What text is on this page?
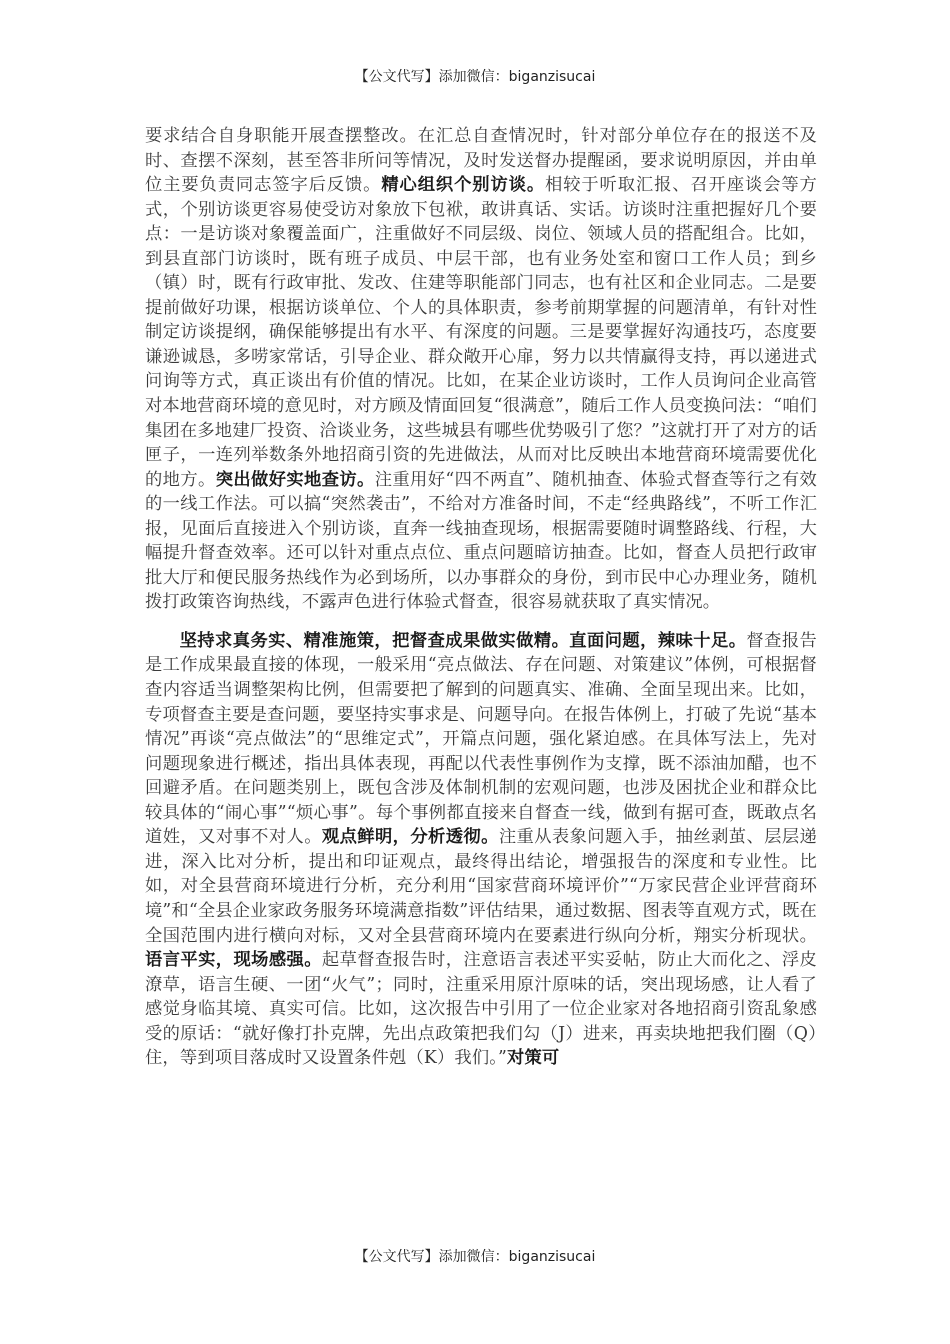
【公文代写】添加微信：biganzisucai

要求结合自身职能开展查摆整改。在汇总自查情况时，针对部分单位存在的报送不及时、查摆不深刻，甚至答非所问等情况，及时发送督办提醒函，要求说明原因，并由单位主要负责同志签字后反馈。精心组织个别访谈。相较于听取汇报、召开座谈会等方式，个别访谈更容易使受访对象放下包袱，敢讲真话、实话。访谈时注重把握好几个要点：一是访谈对象覆盖面广，注重做好不同层级、岗位、领域人员的搭配组合。比如，到县直部门访谈时，既有班子成员、中层干部，也有业务处室和窗口工作人员；到乡（镇）时，既有行政审批、发改、住建等职能部门同志，也有社区和企业同志。二是要提前做好功课，根据访谈单位、个人的具体职责，参考前期掌握的问题清单，有针对性制定访谈提纲，确保能够提出有水平、有深度的问题。三是要掌握好沟通技巧，态度要谦逊诚恳，多唠家常话，引导企业、群众敞开心扉，努力以共情赢得支持，再以递进式问询等方式，真正谈出有价值的情况。比如，在某企业访谈时，工作人员询问企业高管对本地营商环境的意见时，对方顾及情面回复“很满意”，随后工作人员变换问法：“咱们集团在多地建厂投资、洽谈业务，这些城县有哪些优势吸引了您？”这就打开了对方的话匣子，一连列举数条外地招商引资的先进做法，从而对比反映出本地营商环境需要优化的地方。突出做好实地查访。注重用好“四不两直”、随机抽查、体验式督查等行之有效的一线工作法。可以搞“突然袭击”，不给对方准备时间，不走“经典路线”，不听工作汇报，见面后直接进入个别访谈，直奔一线抽查现场，根据需要随时调整路线、行程，大幅提升督查效率。还可以针对重点点位、重点问题暗访抽查。比如，督查人员把行政审批大厅和便民服务热线作为必到场所，以办事群众的身份，到市民中心办理业务，随机拨打政策咨询热线，不露声色进行体验式督查，很容易就获取了真实情况。

坚持求真务实、精准施策，把督查成果做实做精。直面问题，辣味十足。督查报告是工作成果最直接的体现，一般采用“亮点做法、存在问题、对策建议”体例，可根据督查内容适当调整架构比例，但需要把了解到的问题真实、准确、全面呈现出来。比如，专项督查主要是查问题，要坚持实事求是、问题导向。在报告体例上，打破了先说“基本情况”再谈“亮点做法”的“思维定式”，开篇点问题，强化紧迫感。在具体写法上，先对问题现象进行概述，指出具体表现，再配以代表性事例作为支撑，既不添油加醋，也不回避矛盾。在问题类别上，既包含涉及体制机制的宏观问题，也涉及困扰企业和群众比较具体的“闹心事”“烦心事”。每个事例都直接来自督查一线，做到有据可查，既敢点名道姓，又对事不对人。观点鲜明，分析透彻。注重从表象问题入手，抽丝剥茧、层层递进，深入比对分析，提出和印证观点，最终得出结论，增强报告的深度和专业性。比如，对全县营商环境进行分析，充分利用“国家营商环境评价”“万家民营企业评营商环境”和“全县企业家政务服务环境满意指数”评估结果，通过数据、图表等直观方式，既在全国范围内进行横向对标，又对全县营商环境内在要素进行纵向分析，翔实分析现状。语言平实，现场感强。起草督查报告时，注意语言表述平实妥帖，防止大而化之、浮皮潦草，语言生硬、一团“火气”；同时，注重采用原汁原味的话，突出现场感，让人看了感觉身临其境、真实可信。比如，这次报告中引用了一位企业家对各地招商引资乱象感受的原话：“就好像打扑克牌，先出点政策把我们勾（J）进来，再卖块地把我们圈（Q）住，等到项目落成时又设置条件剋（K）我们。”对策可

【公文代写】添加微信：biganzisucai
